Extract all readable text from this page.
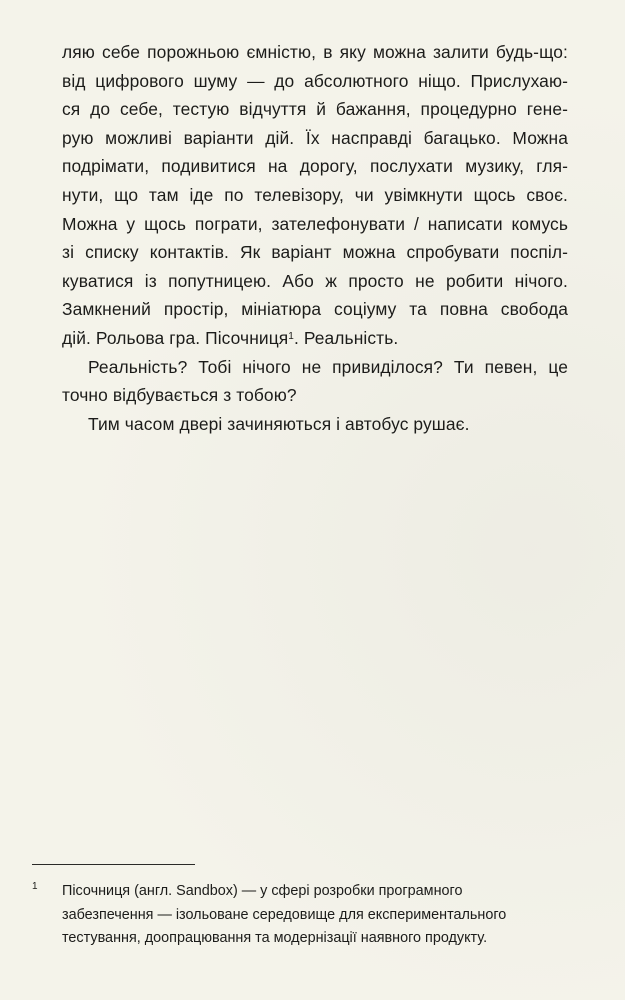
ляю себе порожньою ємністю, в яку можна залити будь-що:
від цифрового шуму — до абсолютного ніщо. Прислухаю-
ся до себе, тестую відчуття й бажання, процедурно гене-
рую можливі варіанти дій. Їх насправді багацько. Можна
подрімати, подивитися на дорогу, послухати музику, гля-
нути, що там іде по телевізору, чи увімкнути щось своє.
Можна у щось пограти, зателефонувати / написати комусь
зі списку контактів. Як варіант можна спробувати поспіл-
куватися із попутницею. Або ж просто не робити нічого.
Замкнений простір, мініатюра соціуму та повна свобода
дій. Рольова гра. Пісочниця$^1$. Реальність.
Реальність? Тобі нічого не привиділося? Ти певен, це
точно відбувається з тобою?
Тим часом двері зачиняються і автобус рушає.
1 Пісочниця (англ. Sandbox) — у сфері розробки програмного
забезпечення — ізольоване середовище для експериментального
тестування, доопрацювання та модернізації наявного продукту.
